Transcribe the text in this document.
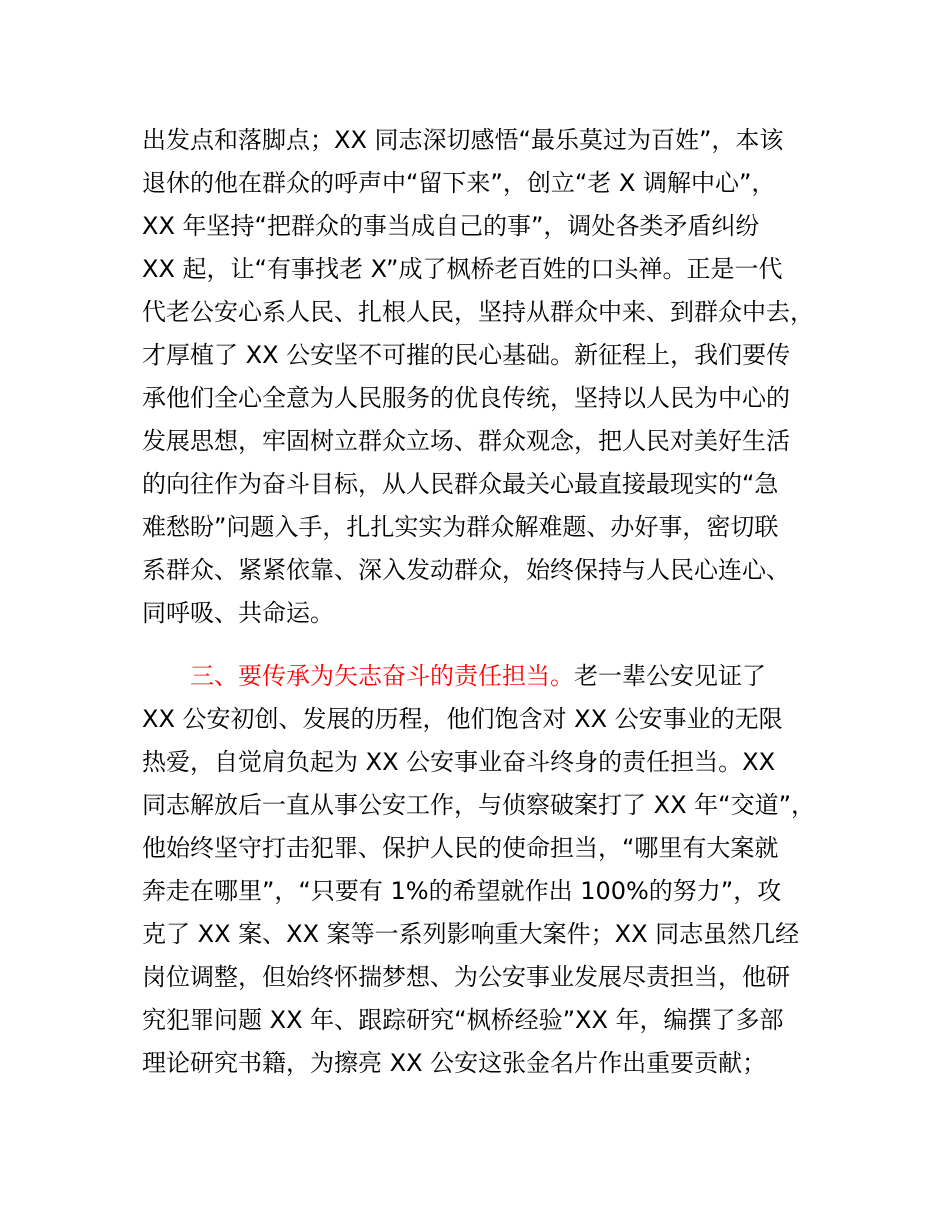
出发点和落脚点；XX 同志深切感悟“最乐莫过为百姓”，本该
退休的他在群众的呼声中“留下来”，创立“老 X 调解中心”，
XX 年坚持“把群众的事当成自己的事”，调处各类矛盾纠纷
XX 起，让“有事找老 X”成了枫桥老百姓的口头禅。正是一代
代老公安心系人民、扎根人民，坚持从群众中来、到群众中去，
才厚植了 XX 公安坚不可摧的民心基础。新征程上，我们要传
承他们全心全意为人民服务的优良传统，坚持以人民为中心的
发展思想，牢固树立群众立场、群众观念，把人民对美好生活
的向往作为奋斗目标，从人民群众最关心最直接最现实的“急
难愁盼”问题入手，扎扎实实为群众解难题、办好事，密切联
系群众、紧紧依靠、深入发动群众，始终保持与人民心连心、
同呼吸、共命运。
三、要传承为矢志奋斗的责任担当。老一辈公安见证了
XX 公安初创、发展的历程，他们饱含对 XX 公安事业的无限
热爱，自觉肩负起为 XX 公安事业奋斗终身的责任担当。XX
同志解放后一直从事公安工作，与侦察破案打了 XX 年“交道”，
他始终坚守打击犯罪、保护人民的使命担当，“哪里有大案就
奔走在哪里”，“只要有 1%的希望就作出 100%的努力”，攻
克了 XX 案、XX 案等一系列影响重大案件；XX 同志虽然几经
岗位调整，但始终怀揣梦想、为公安事业发展尽责担当，他研
究犯罪问题 XX 年、跟踪研究“枫桥经验”XX 年，编撰了多部
理论研究书籍，为擦亮 XX 公安这张金名片作出重要贡献；
